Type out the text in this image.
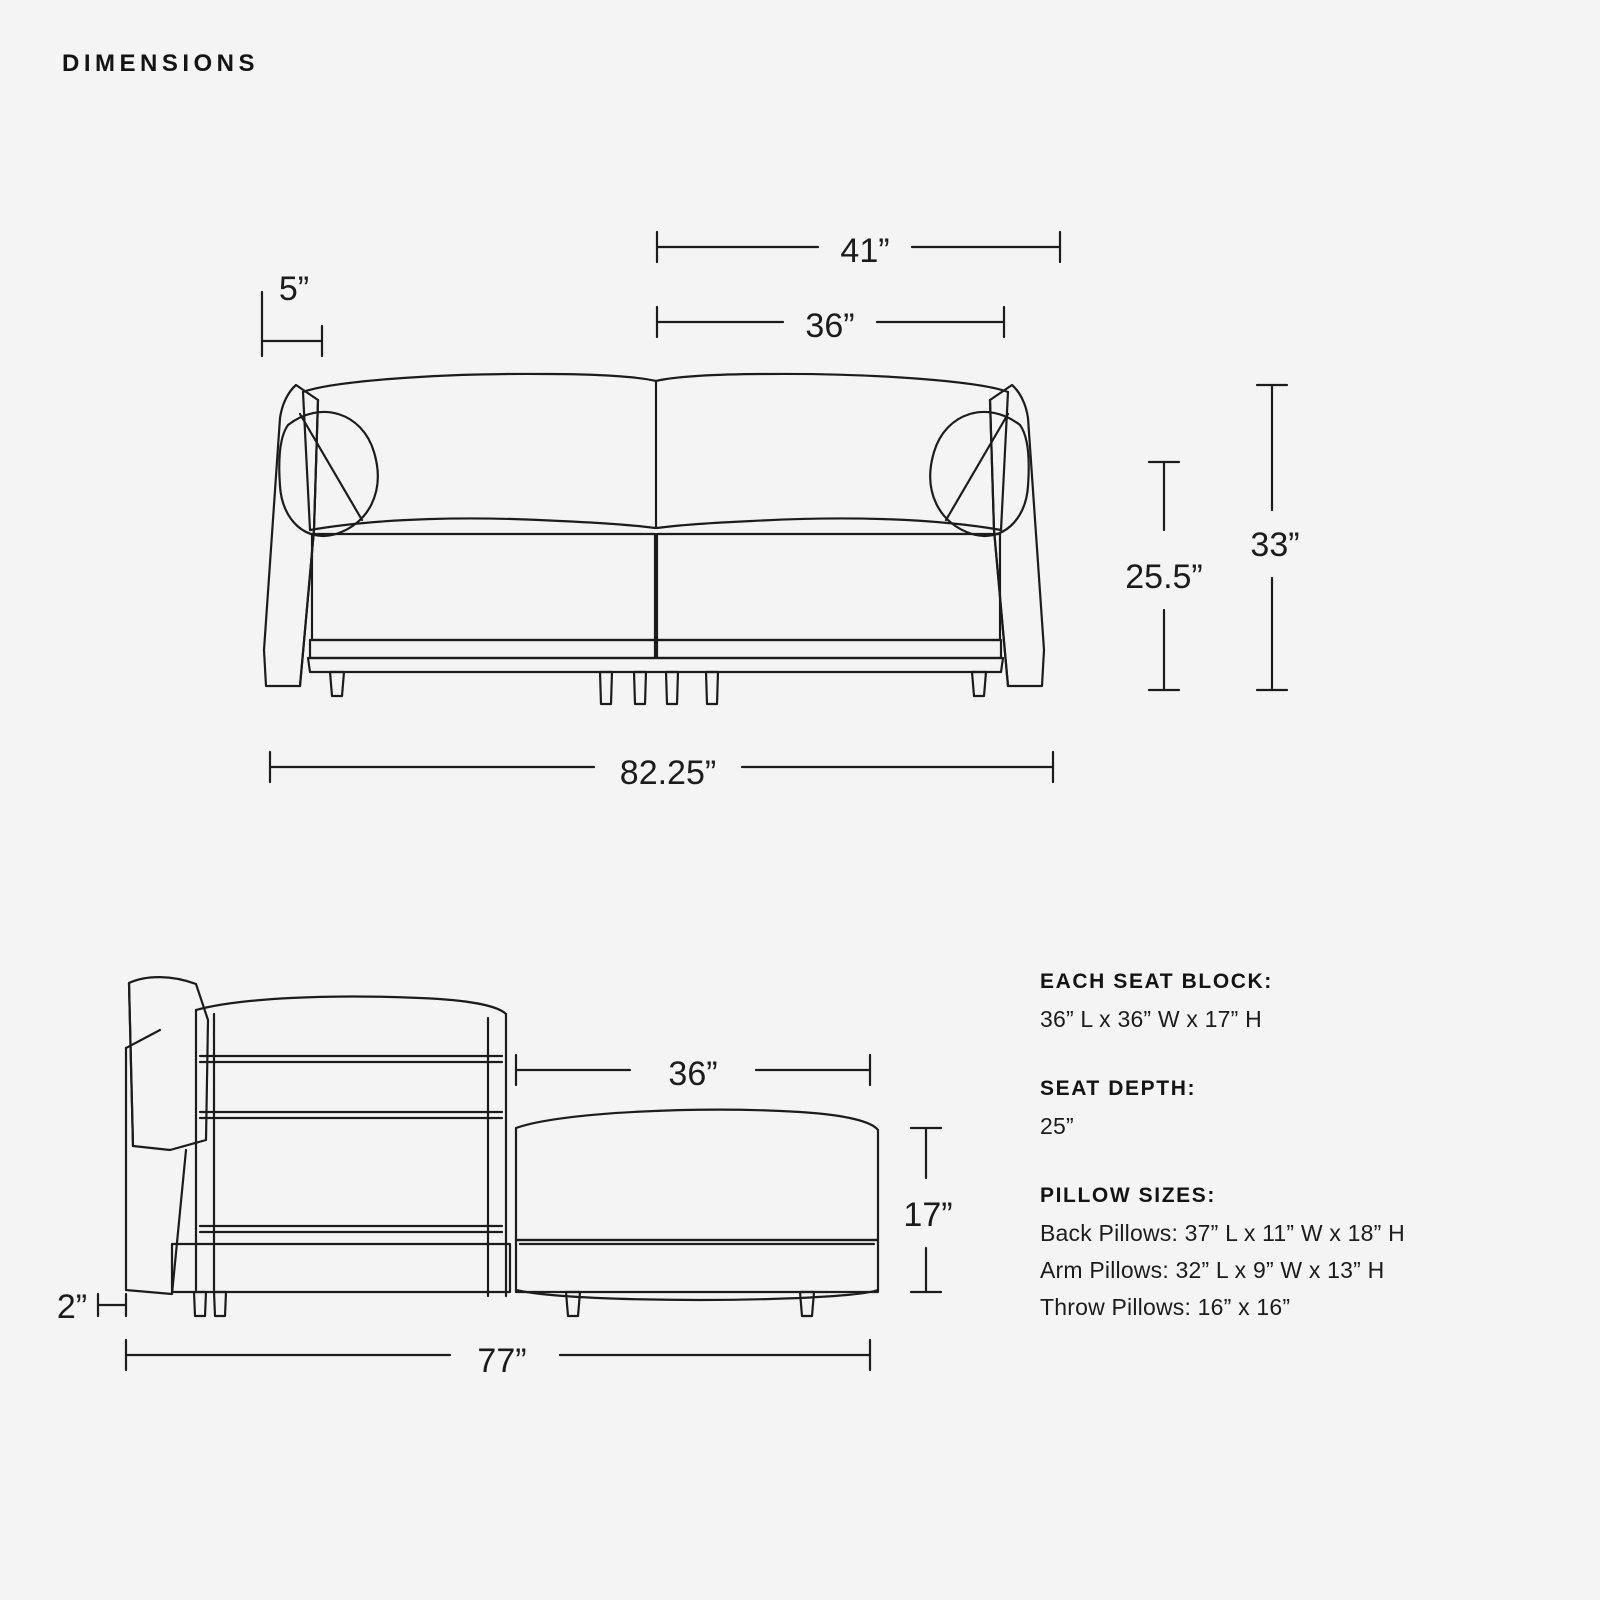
DIMENSIONS
41”
36”
5”
82.25”
25.5”
33”
36”
17”
2”
77”

EACH SEAT BLOCK:

36” L x 36” W x 17” H

SEAT DEPTH:

25”

PILLOW SIZES:

Back Pillows: 37” L x 11” W x 18” H

Arm Pillows: 32” L x 9” W x 13” H

Throw Pillows: 16” x 16”
